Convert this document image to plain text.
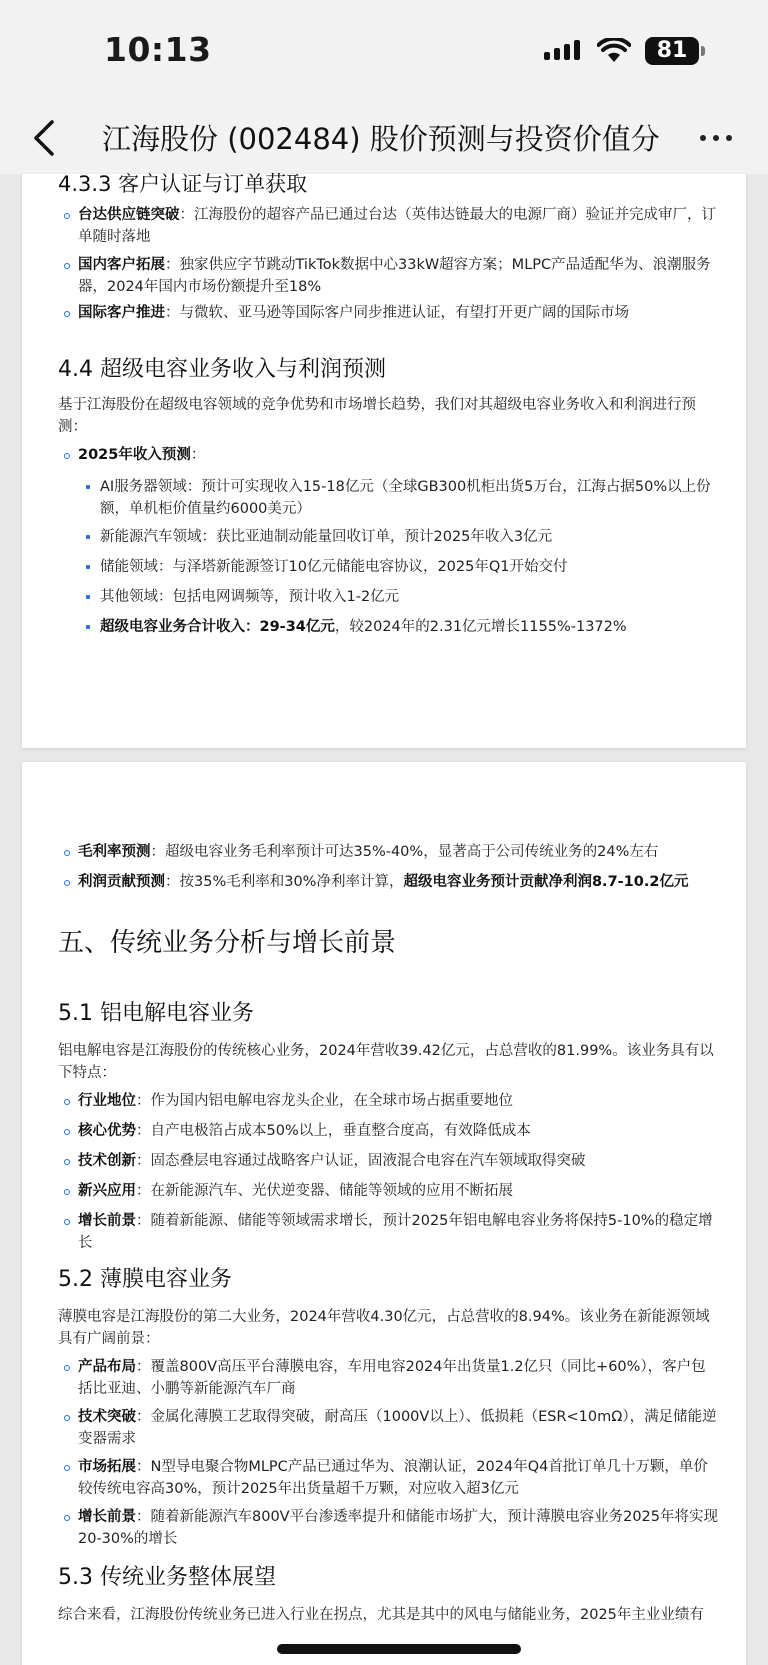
10:13	81
江海股份 (002484) 股价预测与投资价值分
4.3.3 客户认证与订单获取
台达供应链突破：江海股份的超容产品已通过台达（英伟达链最大的电源厂商）验证并完成审厂，订单随时落地
国内客户拓展：独家供应字节跳动TikTok数据中心33kW超容方案；MLPC产品适配华为、浪潮服务器，2024年国内市场份额提升至18%
国际客户推进：与微软、亚马逊等国际客户同步推进认证，有望打开更广阔的国际市场
4.4 超级电容业务收入与利润预测

基于江海股份在超级电容领域的竞争优势和市场增长趋势，我们对其超级电容业务收入和利润进行预测：

2025年收入预测：
AI服务器领域：预计可实现收入15-18亿元（全球GB300机柜出货5万台，江海占据50%以上份额，单机柜价值量约6000美元）
新能源汽车领域：获比亚迪制动能量回收订单，预计2025年收入3亿元
储能领域：与泽塔新能源签订10亿元储能电容协议，2025年Q1开始交付
其他领域：包括电网调频等，预计收入1-2亿元
超级电容业务合计收入：29-34亿元，较2024年的2.31亿元增长1155%-1372%
毛利率预测：超级电容业务毛利率预计可达35%-40%，显著高于公司传统业务的24%左右
利润贡献预测：按35%毛利率和30%净利率计算，超级电容业务预计贡献净利润8.7-10.2亿元
五、传统业务分析与增长前景
5.1 铝电解电容业务

铝电解电容是江海股份的传统核心业务，2024年营收39.42亿元，占总营收的81.99%。该业务具有以下特点：

行业地位：作为国内铝电解电容龙头企业，在全球市场占据重要地位
核心优势：自产电极箔占成本50%以上，垂直整合度高，有效降低成本
技术创新：固态叠层电容通过战略客户认证，固液混合电容在汽车领域取得突破
新兴应用：在新能源汽车、光伏逆变器、储能等领域的应用不断拓展
增长前景：随着新能源、储能等领域需求增长，预计2025年铝电解电容业务将保持5-10%的稳定增长
5.2 薄膜电容业务

薄膜电容是江海股份的第二大业务，2024年营收4.30亿元，占总营收的8.94%。该业务在新能源领域具有广阔前景：

产品布局：覆盖800V高压平台薄膜电容，车用电容2024年出货量1.2亿只（同比+60%），客户包括比亚迪、小鹏等新能源汽车厂商
技术突破：金属化薄膜工艺取得突破，耐高压（1000V以上）、低损耗（ESR<10mΩ），满足储能逆变器需求
市场拓展：N型导电聚合物MLPC产品已通过华为、浪潮认证，2024年Q4首批订单几十万颗，单价较传统电容高30%，预计2025年出货量超千万颗，对应收入超3亿元
增长前景：随着新能源汽车800V平台渗透率提升和储能市场扩大，预计薄膜电容业务2025年将实现20-30%的增长
5.3 传统业务整体展望

综合来看，江海股份传统业务已进入行业在拐点，尤其是其中的风电与储能业务，2025年主业业绩有
